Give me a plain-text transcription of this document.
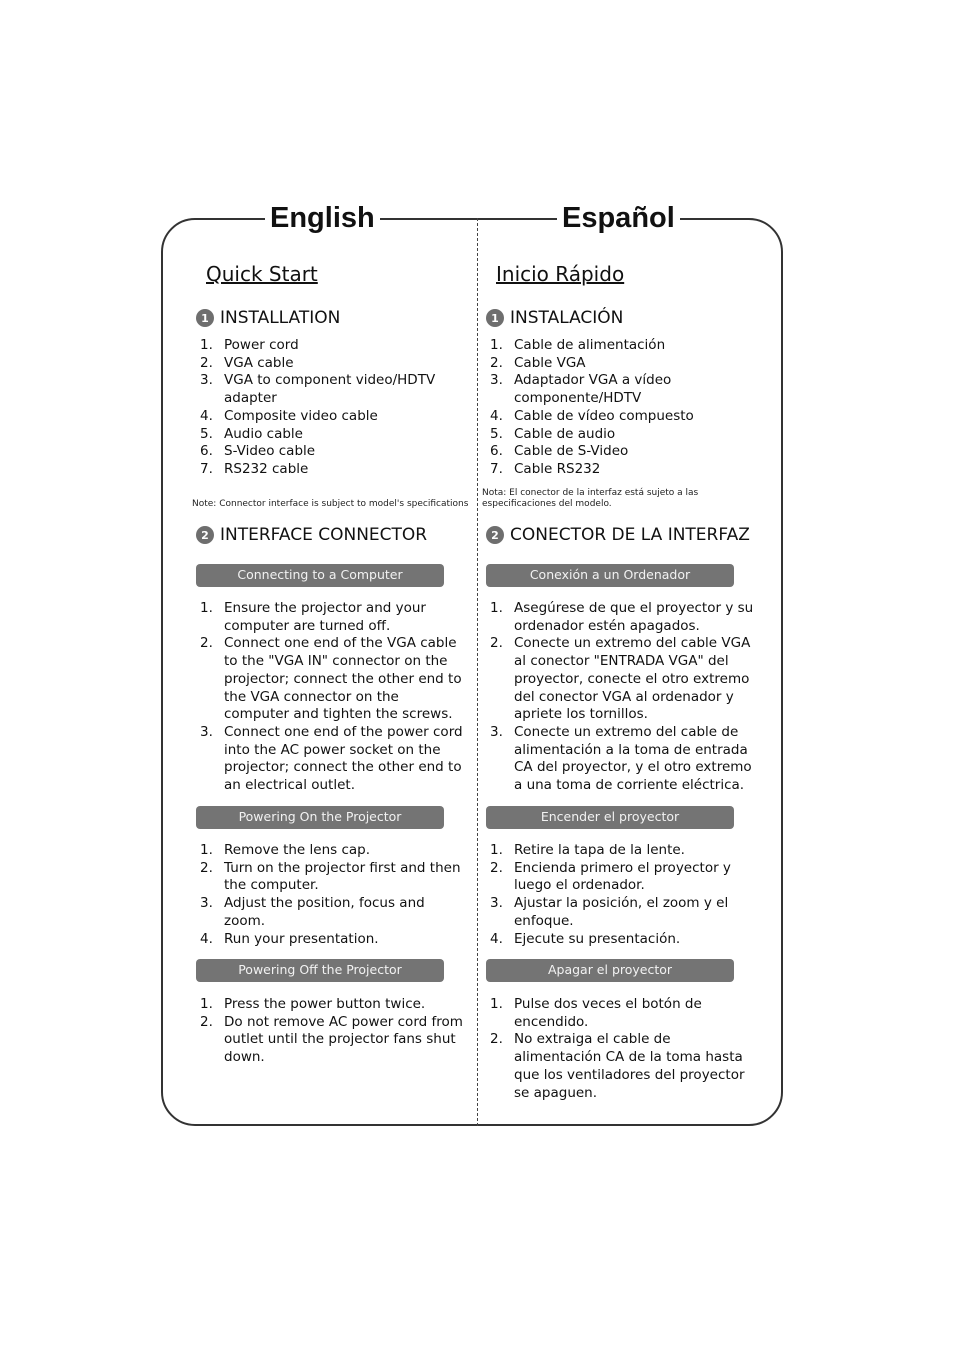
English	Español
Quick Start
1 INSTALLATION
1. Power cord
2. VGA cable
3. VGA to component video/HDTV adapter
4. Composite video cable
5. Audio cable
6. S-Video cable
7. RS232 cable
Note: Connector interface is subject to model's specifications
2 INTERFACE CONNECTOR
Connecting to a Computer
1. Ensure the projector and your computer are turned off.
2. Connect one end of the VGA cable to the "VGA IN" connector on the projector; connect the other end to the VGA connector on the computer and tighten the screws.
3. Connect one end of the power cord into the AC power socket on the projector; connect the other end to an electrical outlet.
Powering On the Projector
1. Remove the lens cap.
2. Turn on the projector first and then the computer.
3. Adjust the position, focus and zoom.
4. Run your presentation.
Powering Off the Projector
1. Press the power button twice.
2. Do not remove AC power cord from outlet until the projector fans shut down.
Inicio Rápido
1 INSTALACIÓN
1. Cable de alimentación
2. Cable VGA
3. Adaptador VGA a vídeo componente/HDTV
4. Cable de vídeo compuesto
5. Cable de audio
6. Cable de S-Video
7. Cable RS232
Nota: El conector de la interfaz está sujeto a las especificaciones del modelo.
2 CONECTOR DE LA INTERFAZ
Conexión a un Ordenador
1. Asegúrese de que el proyector y su ordenador estén apagados.
2. Conecte un extremo del cable VGA al conector "ENTRADA VGA" del proyector, conecte el otro extremo del conector VGA al ordenador y apriete los tornillos.
3. Conecte un extremo del cable de alimentación a la toma de entrada CA del proyector, y el otro extremo a una toma de corriente eléctrica.
Encender el proyector
1. Retire la tapa de la lente.
2. Encienda primero el proyector y luego el ordenador.
3. Ajustar la posición, el zoom y el enfoque.
4. Ejecute su presentación.
Apagar el proyector
1. Pulse dos veces el botón de encendido.
2. No extraiga el cable de alimentación CA de la toma hasta que los ventiladores del proyector se apaguen.
